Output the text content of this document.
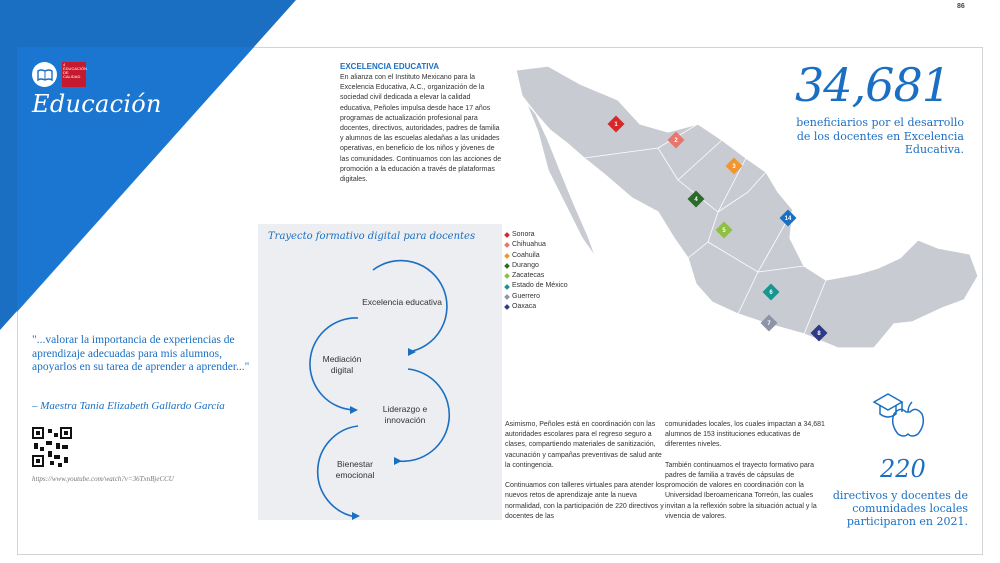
86
4 EDUCACIÓN DE CALIDAD
Educación
"...valorar la importancia de experiencias de aprendizaje adecuadas para mis alumnos, apoyarlos en su tarea de aprender a aprender..."
– Maestra Tania Elizabeth Gallardo García
https://www.youtube.com/watch?v=36TxnBjeCCU
EXCELENCIA EDUCATIVA
En alianza con el Instituto Mexicano para la Excelencia Educativa, A.C., organización de la sociedad civil dedicada a elevar la calidad educativa, Peñoles impulsa desde hace 17 años programas de actualización profesional para docentes, directivos, autoridades, padres de familia y alumnos de las escuelas aledañas a las unidades operativas, en beneficio de los niños y jóvenes de las comunidades. Continuamos con las acciones de promoción a la educación a través de plataformas digitales.
Trayecto formativo digital para docentes
Excelencia educativa
Mediación digital
Liderazgo e innovación
Bienestar emocional
Sonora
Chihuahua
Coahuila
Durango
Zacatecas
Estado de México
Guerrero
Oaxaca
1
2
3
4
5
14
6
7
8
34,681
beneficiarios por el desarrollo de los docentes en Excelencia Educativa.
Asimismo, Peñoles está en coordinación con las autoridades escolares para el regreso seguro a clases, compartiendo materiales de sanitización, vacunación y campañas preventivas de salud ante la contingencia.

Continuamos con talleres virtuales para atender los nuevos retos de aprendizaje ante la nueva normalidad, con la participación de 220 directivos y docentes de las
comunidades locales, los cuales impactan a 34,681 alumnos de 153 instituciones educativas de diferentes niveles.

También continuamos el trayecto formativo para padres de familia a través de cápsulas de promoción de valores en coordinación con la Universidad Iberoamericana Torreón, las cuales invitan a la reflexión sobre la situación actual y la vivencia de valores.
220
directivos y docentes de comunidades locales participaron en 2021.
